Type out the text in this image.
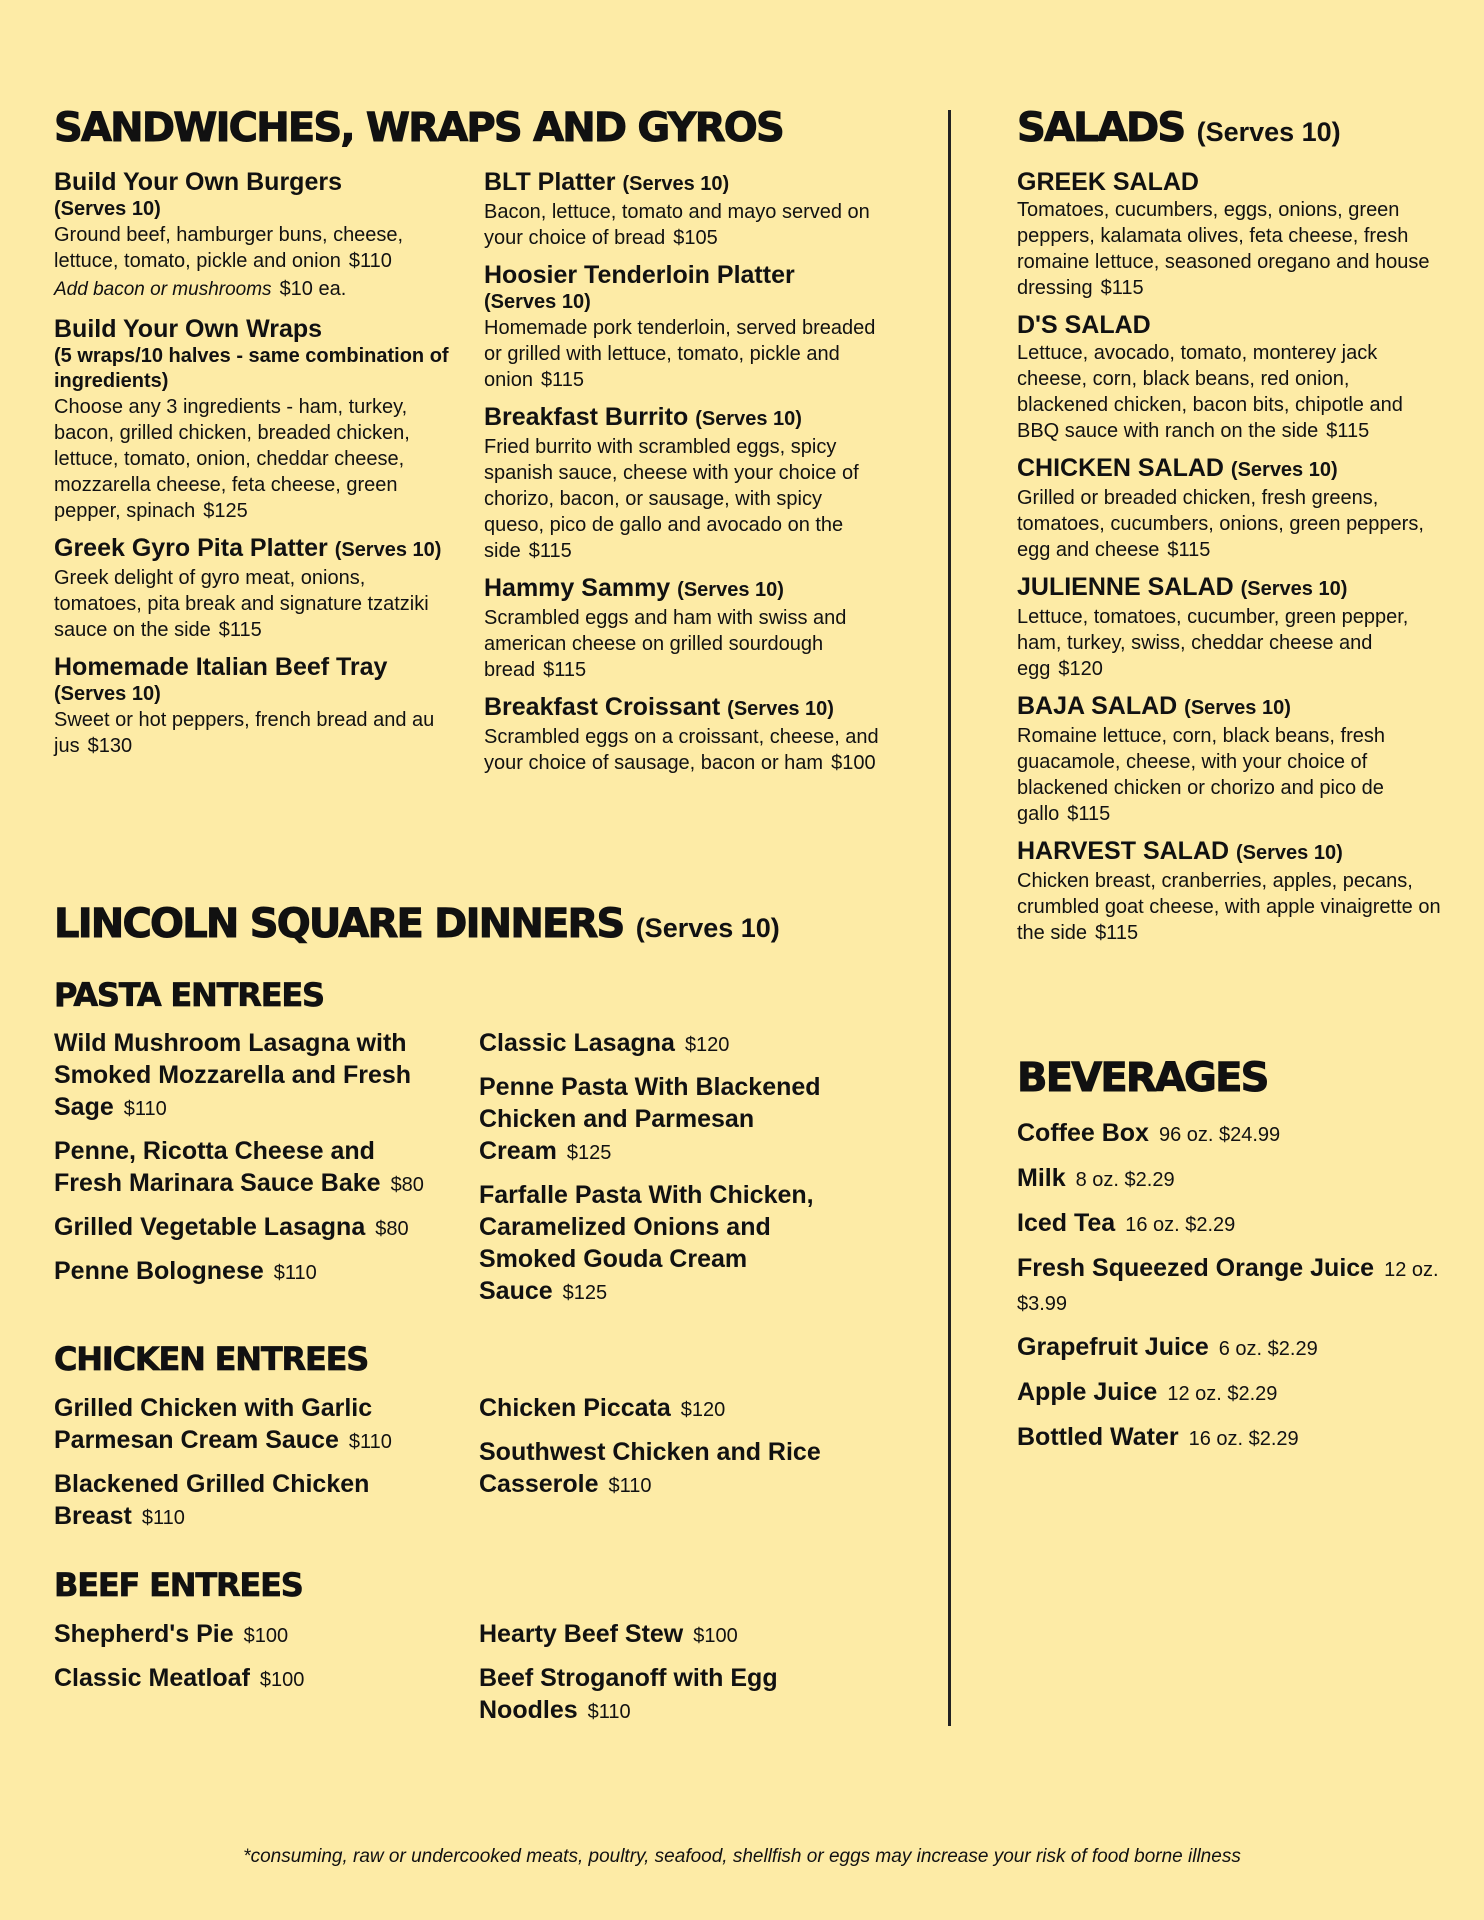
SANDWICHES, WRAPS AND GYROS
Build Your Own Burgers
(Serves 10)
Ground beef, hamburger buns, cheese, lettuce, tomato, pickle and onion $110
Add bacon or mushrooms $10 ea.
Build Your Own Wraps
(5 wraps/10 halves - same combination of ingredients)
Choose any 3 ingredients - ham, turkey, bacon, grilled chicken, breaded chicken, lettuce, tomato, onion, cheddar cheese, mozzarella cheese, feta cheese, green pepper, spinach $125
Greek Gyro Pita Platter (Serves 10)
Greek delight of gyro meat, onions, tomatoes, pita break and signature tzatziki sauce on the side $115
Homemade Italian Beef Tray
(Serves 10)
Sweet or hot peppers, french bread and au jus $130
BLT Platter (Serves 10)
Bacon, lettuce, tomato and mayo served on your choice of bread $105
Hoosier Tenderloin Platter
(Serves 10)
Homemade pork tenderloin, served breaded or grilled with lettuce, tomato, pickle and onion $115
Breakfast Burrito (Serves 10)
Fried burrito with scrambled eggs, spicy spanish sauce, cheese with your choice of chorizo, bacon, or sausage, with spicy queso, pico de gallo and avocado on the side $115
Hammy Sammy (Serves 10)
Scrambled eggs and ham with swiss and american cheese on grilled sourdough bread $115
Breakfast Croissant (Serves 10)
Scrambled eggs on a croissant, cheese, and your choice of sausage, bacon or ham $100
LINCOLN SQUARE DINNERS (Serves 10)
PASTA ENTREES
Wild Mushroom Lasagna with Smoked Mozzarella and Fresh Sage $110
Penne, Ricotta Cheese and Fresh Marinara Sauce Bake $80
Grilled Vegetable Lasagna $80
Penne Bolognese $110
Classic Lasagna $120
Penne Pasta With Blackened Chicken and Parmesan Cream $125
Farfalle Pasta With Chicken, Caramelized Onions and Smoked Gouda Cream Sauce $125
CHICKEN ENTREES
Grilled Chicken with Garlic Parmesan Cream Sauce $110
Blackened Grilled Chicken Breast $110
Chicken Piccata $120
Southwest Chicken and Rice Casserole $110
BEEF ENTREES
Shepherd's Pie $100
Classic Meatloaf $100
Hearty Beef Stew $100
Beef Stroganoff with Egg Noodles $110
SALADS (Serves 10)
GREEK SALAD
Tomatoes, cucumbers, eggs, onions, green peppers, kalamata olives, feta cheese, fresh romaine lettuce, seasoned oregano and house dressing $115
D'S SALAD
Lettuce, avocado, tomato, monterey jack cheese, corn, black beans, red onion, blackened chicken, bacon bits, chipotle and BBQ sauce with ranch on the side $115
CHICKEN SALAD (Serves 10)
Grilled or breaded chicken, fresh greens, tomatoes, cucumbers, onions, green peppers, egg and cheese $115
JULIENNE SALAD (Serves 10)
Lettuce, tomatoes, cucumber, green pepper, ham, turkey, swiss, cheddar cheese and egg $120
BAJA SALAD (Serves 10)
Romaine lettuce, corn, black beans, fresh guacamole, cheese, with your choice of blackened chicken or chorizo and pico de gallo $115
HARVEST SALAD (Serves 10)
Chicken breast, cranberries, apples, pecans, crumbled goat cheese, with apple vinaigrette on the side $115
BEVERAGES
Coffee Box 96 oz. $24.99
Milk 8 oz. $2.29
Iced Tea 16 oz. $2.29
Fresh Squeezed Orange Juice 12 oz. $3.99
Grapefruit Juice 6 oz. $2.29
Apple Juice 12 oz. $2.29
Bottled Water 16 oz. $2.29
*consuming, raw or undercooked meats, poultry, seafood, shellfish or eggs may increase your risk of food borne illness
